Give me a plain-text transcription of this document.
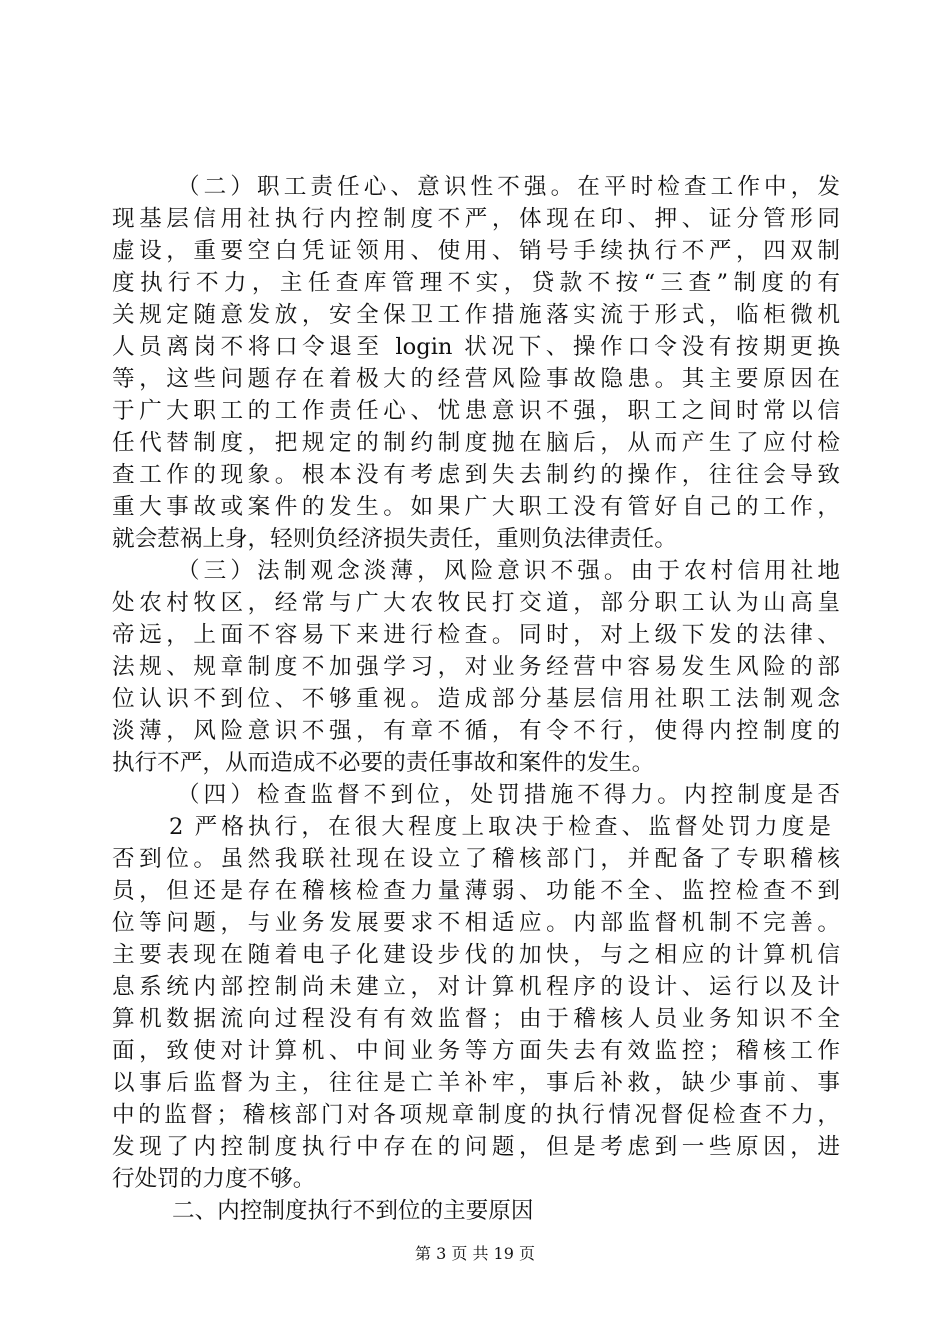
（二）职工责任心、意识性不强。在平时检查工作中，发
现基层信用社执行内控制度不严，体现在印、押、证分管形同
虚设，重要空白凭证领用、使用、销号手续执行不严，四双制
度执行不力，主任查库管理不实，贷款不按“三查”制度的有
关规定随意发放，安全保卫工作措施落实流于形式，临柜微机
人员离岗不将口令退至 login 状况下、操作口令没有按期更换
等，这些问题存在着极大的经营风险事故隐患。其主要原因在
于广大职工的工作责任心、忧患意识不强，职工之间时常以信
任代替制度，把规定的制约制度抛在脑后，从而产生了应付检
查工作的现象。根本没有考虑到失去制约的操作，往往会导致
重大事故或案件的发生。如果广大职工没有管好自己的工作，
就会惹祸上身，轻则负经济损失责任，重则负法律责任。
（三）法制观念淡薄，风险意识不强。由于农村信用社地
处农村牧区，经常与广大农牧民打交道，部分职工认为山高皇
帝远，上面不容易下来进行检查。同时，对上级下发的法律、
法规、规章制度不加强学习，对业务经营中容易发生风险的部
位认识不到位、不够重视。造成部分基层信用社职工法制观念
淡薄，风险意识不强，有章不循，有令不行，使得内控制度的
执行不严，从而造成不必要的责任事故和案件的发生。
（四）检查监督不到位，处罚措施不得力。内控制度是否
2 严格执行，在很大程度上取决于检查、监督处罚力度是
否到位。虽然我联社现在设立了稽核部门，并配备了专职稽核
员，但还是存在稽核检查力量薄弱、功能不全、监控检查不到
位等问题，与业务发展要求不相适应。内部监督机制不完善。
主要表现在随着电子化建设步伐的加快，与之相应的计算机信
息系统内部控制尚未建立，对计算机程序的设计、运行以及计
算机数据流向过程没有有效监督；由于稽核人员业务知识不全
面，致使对计算机、中间业务等方面失去有效监控；稽核工作
以事后监督为主，往往是亡羊补牢，事后补救，缺少事前、事
中的监督；稽核部门对各项规章制度的执行情况督促检查不力，
发现了内控制度执行中存在的问题，但是考虑到一些原因，进
行处罚的力度不够。
二、内控制度执行不到位的主要原因
第 3 页 共 19 页
